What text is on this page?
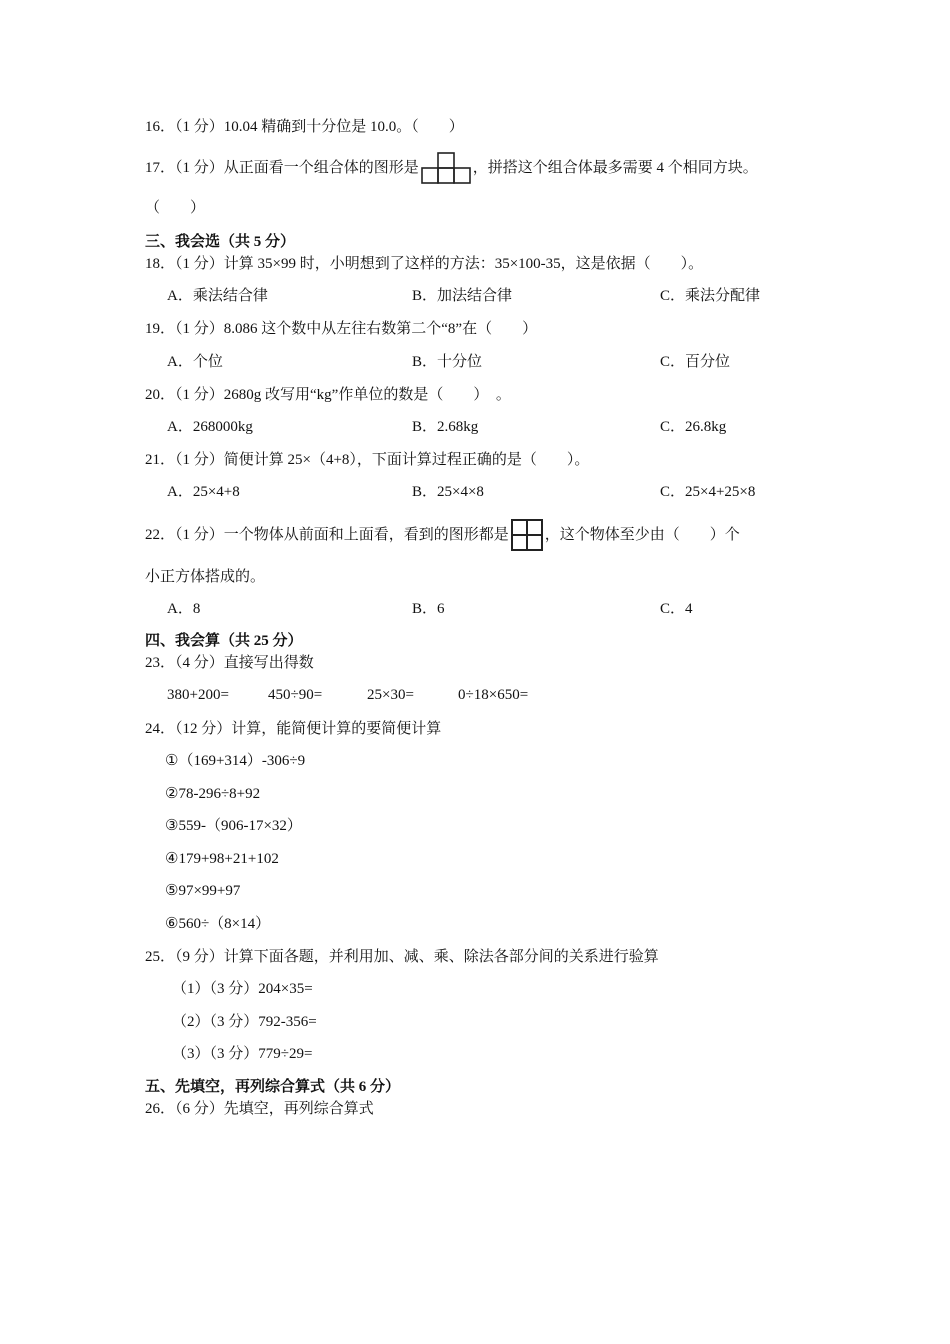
16．（1 分）10.04 精确到十分位是 10.0。（　　）
17．（1 分）从正面看一个组合体的图形是	，拼搭这个组合体最多需要 4 个相同方块。
（　　）
三、我会选（共 5 分）
18．（1 分）计算 35×99 时，小明想到了这样的方法：35×100-35，这是依据（　　）。
A．乘法结合律	B．加法结合律	C．乘法分配律
19．（1 分）8.086 这个数中从左往右数第二个“8”在（　　）
A．个位	B．十分位	C．百分位
20．（1 分）2680g 改写用“kg”作单位的数是（　　）　。
A．268000kg	B．2.68kg	C．26.8kg
21．（1 分）简便计算 25×（4+8），下面计算过程正确的是（　　）。
A．25×4+8	B．25×4×8	C．25×4+25×8
22．（1 分）一个物体从前面和上面看，看到的图形都是 ，这个物体至少由（　　）个
小正方体搭成的。
A．8	B．6	C．4
四、我会算（共 25 分）
23．（4 分）直接写出得数
380+200=	450÷90=	25×30=	0÷18×650=
24．（12 分）计算，能简便计算的要简便计算
①（169+314）-306÷9
②78-296÷8+92
③559-（906-17×32）
④179+98+21+102
⑤97×99+97
⑥560÷（8×14）
25．（9 分）计算下面各题，并利用加、减、乘、除法各部分间的关系进行验算
（1）（3 分）204×35=
（2）（3 分）792-356=
（3）（3 分）779÷29=
五、先填空，再列综合算式（共 6 分）
26．（6 分）先填空，再列综合算式
